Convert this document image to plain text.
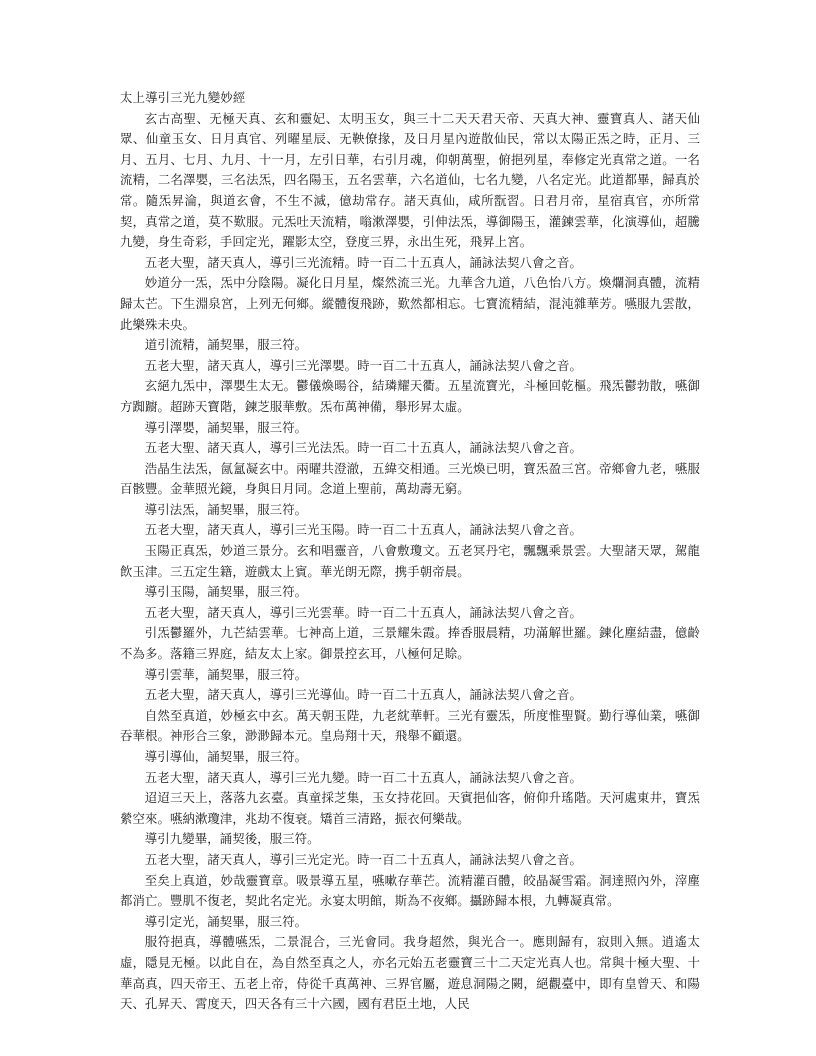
太上導引三光九變妙經

玄古高聖、无極天真、玄和靈妃、太明玉女，與三十二天天君天帝、天真大神、靈寶真人、諸天仙眾、仙童玉女、日月真官、列曜星辰、无鞅僚掾，及日月星內遊散仙民，常以太陽正炁之時，正月、三月、五月、七月、九月、十一月，左引日華，右引月魂，仰朝萬聖，俯挹列星，奉修定光真常之道。一名流精，二名澤嬰，三名法炁，四名陽玉，五名雲華，六名道仙，七名九變，八名定光。此道都畢，歸真於常。隨炁昇淪，與道玄會，不生不滅，億劫常存。諸天真仙，咸所翫習。日君月帝，星宿真官，亦所常契，真常之道，莫不歎服。元炁吐天流精，嗡漱澤嬰，引伸法炁，導御陽玉，灌鍊雲華，化演導仙，超騰九變，身生奇彩，手回定光，躍影太空，登度三界，永出生死，飛昇上宮。

五老大聖，諸天真人，導引三光流精。時一百二十五真人，誦詠法契八會之音。

妙道分一炁，炁中分陰陽。凝化日月星，燦然流三光。九華含九道，八色怡八方。煥爛洞真體，流精歸太芒。下生淵泉宮，上列无何鄉。縱體復飛跡，歎然都相忘。七寶流精結，混沌雜華芳。嚥服九雲散，此樂殊未央。

道引流精，誦契畢，服三符。

五老大聖，諸天真人，導引三光澤嬰。時一百二十五真人，誦詠法契八會之音。

玄絕九炁中，澤嬰生太无。鬱儀煥暘谷，結璘耀天衢。五星流寶光，斗極回乾樞。飛炁鬱勃散，嚥御方踟躕。超跡天寶階，鍊芝服華敷。炁布萬神備，舉形昇太虛。

導引澤嬰，誦契畢，服三符。

五老大聖、諸天真人，導引三光法炁。時一百二十五真人，誦詠法契八會之音。

浩晶生法炁，氤氳凝玄中。兩曜共澄澈，五緯交相通。三光煥已明，寶炁盈三宮。帝鄉會九老，嚥服百骸豐。金華照光鏡，身與日月同。念道上聖前，萬劫壽无窮。

導引法炁，誦契畢，服三符。

五老大聖，諸天真人，導引三光玉陽。時一百二十五真人，誦詠法契八會之音。

玉陽正真炁，妙道三景分。玄和唱靈音，八會敷瓊文。五老冥丹宅，飄飄乘景雲。大聖諸天眾，駕龍飲玉津。三五定生籍，遊戲太上賓。華光朗无際，携手朝帝晨。

導引玉陽，誦契畢，服三符。

五老大聖，諸天真人，導引三光雲華。時一百二十五真人，誦詠法契八會之音。

引炁鬱羅外，九芒結雲華。七神高上道，三景耀朱霞。捧香服晨精，功滿解世羅。鍊化塵結盡，億齡不為多。落籍三界庭，結友太上家。御景控玄耳，八極何足賒。

導引雲華，誦契畢，服三符。

五老大聖，諸天真人，導引三光導仙。時一百二十五真人，誦詠法契八會之音。

自然至真道，妙極玄中玄。萬天朝玉陛，九老紞華軒。三光有靈炁，所度惟聖賢。勤行導仙業，嚥御吞華根。神形合三象，渺渺歸本元。皇烏翔十天，飛舉不顧還。

導引導仙，誦契畢，服三符。

五老大聖，諸天真人，導引三光九變。時一百二十五真人，誦詠法契八會之音。

迢迢三天上，落落九玄臺。真童採芝集，玉女持花回。天賓挹仙客，俯仰升瑤階。天河處東井，寶炁縈空來。嚥納漱瓊津，兆劫不復衰。矯首三清路，振衣何樂哉。

導引九變畢，誦契後，服三符。

五老大聖，諸天真人，導引三光定光。時一百二十五真人，誦詠法契八會之音。

至矣上真道，妙哉靈寶章。吸景導五星，嚥嗽存華芒。流精灌百體，皎晶凝雪霜。洞達照內外，滓塵都消亡。豐肌不復老，契此名定光。永宴太明館，斯為不夜鄉。攝跡歸本根，九轉凝真常。

導引定光，誦契畢，服三符。

服符挹真，導體嚥炁，二景混合，三光會同。我身超然，與光合一。應則歸有，寂則入無。逍遙太虛，隱見无極。以此自在，為自然至真之人，亦名元始五老靈寶三十二天定光真人也。常與十極大聖、十華高真，四天帝王、五老上帝，侍從千真萬神、三界官屬，遊息洞陽之闕，絕觀臺中，即有皇曾天、和陽天、孔昇天、霄度天，四天各有三十六國，國有君臣土地，人民
